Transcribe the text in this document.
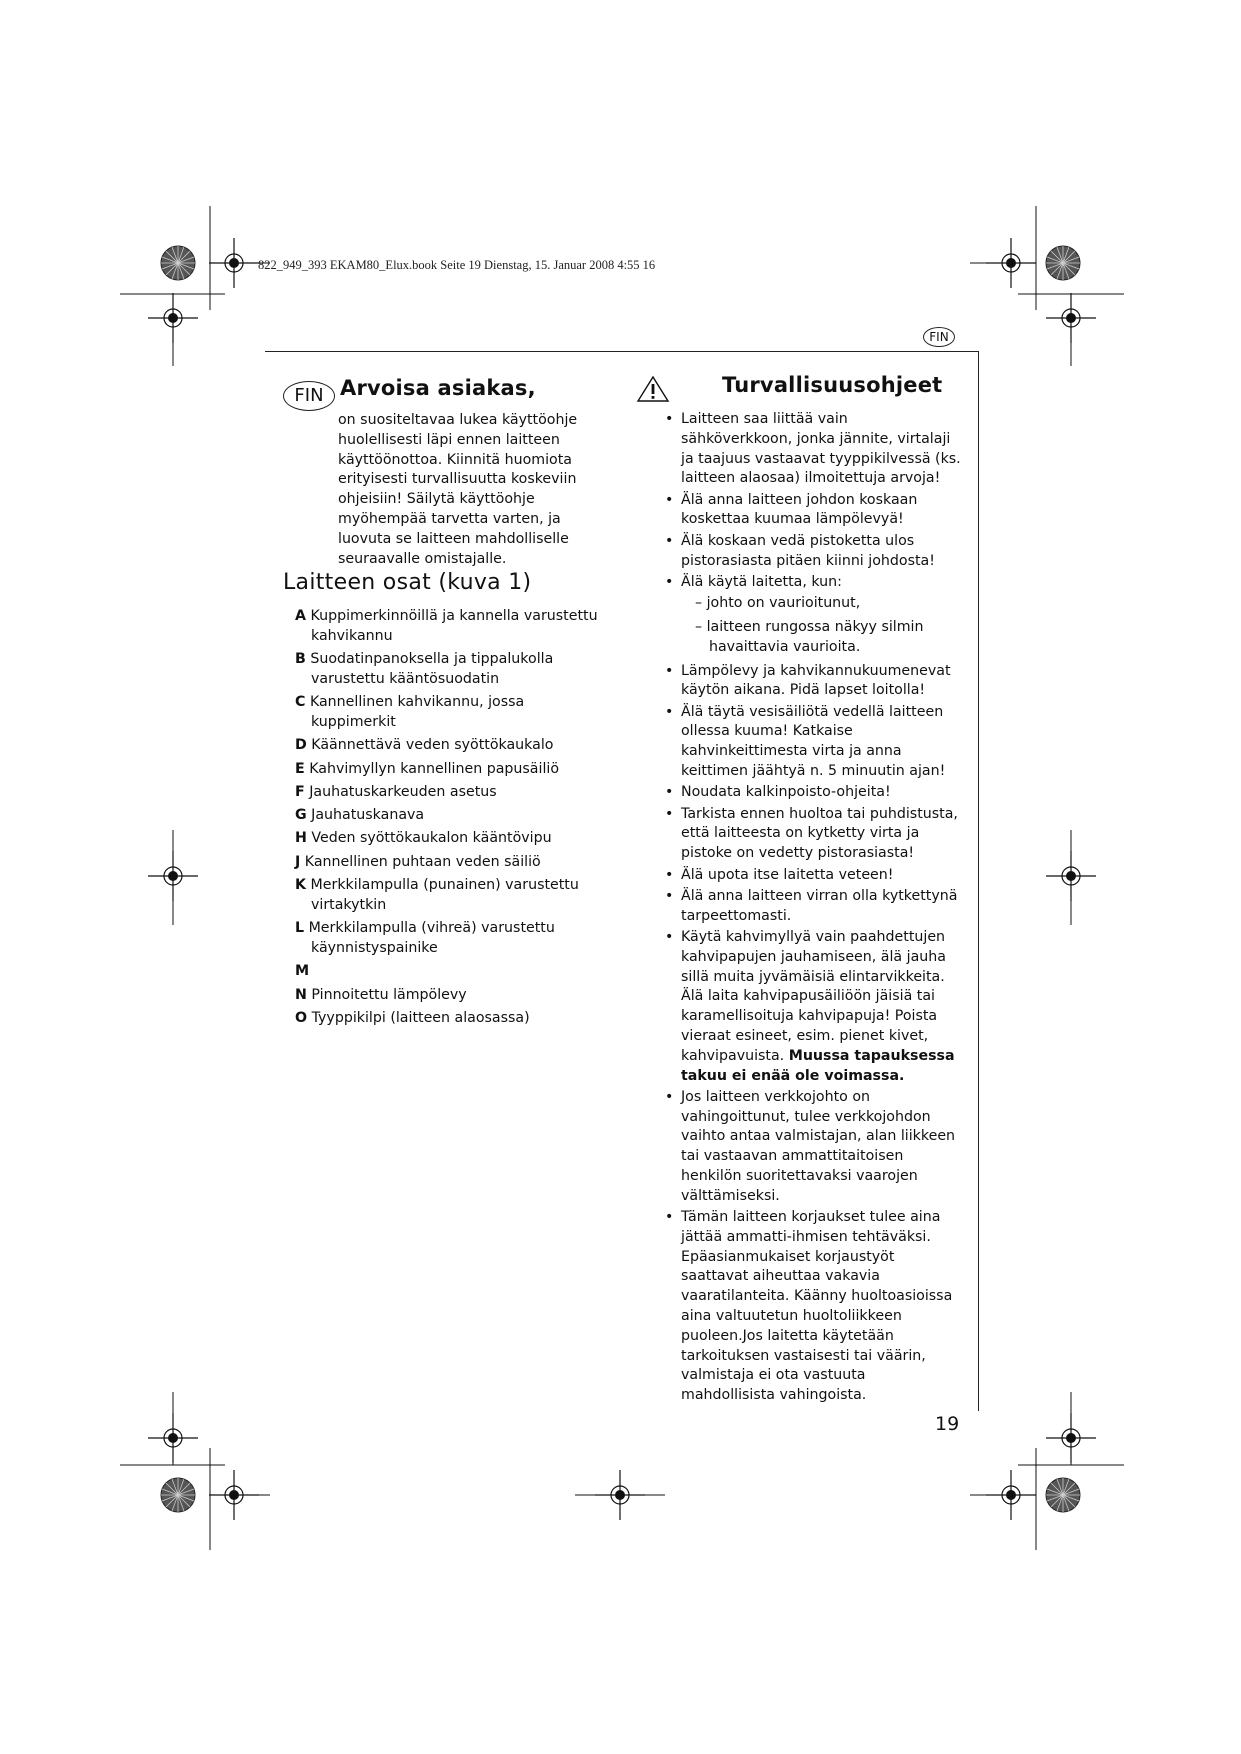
822_949_393 EKAM80_Elux.book Seite 19 Dienstag, 15. Januar 2008 4:55 16
FIN
FIN Arvoisa asiakas,
on suositeltavaa lukea käyttöohje huolellisesti läpi ennen laitteen käyttöönottoa. Kiinnitä huomiota erityisesti turvallisuutta koskeviin ohjeisiin! Säilytä käyttöohje myöhempää tarvetta varten, ja luovuta se laitteen mahdolliselle seuraavalle omistajalle.
Laitteen osat (kuva 1)
A Kuppimerkinnöillä ja kannella varustettu kahvikannu
B Suodatinpanoksella ja tippalukolla varustettu kääntösuodatin
C Kannellinen kahvikannu, jossa kuppimerkit
D Käännettävä veden syöttökaukalo
E Kahvimyllyn kannellinen papusäiliö
F Jauhatuskarkeuden asetus
G Jauhatuskanava
H Veden syöttökaukalon kääntövipu
J Kannellinen puhtaan veden säiliö
K Merkkilampulla (punainen) varustettu virtakytkin
L Merkkilampulla (vihreä) varustettu käynnistyspainike
M
N Pinnoitettu lämpölevy
O Tyyppikilpi (laitteen alaosassa)
Turvallisuusohjeet
• Laitteen saa liittää vain sähköverkkoon, jonka jännite, virtalaji ja taajuus vastaavat tyyppikilvessä (ks. laitteen alaosaa) ilmoitettuja arvoja!
• Älä anna laitteen johdon koskaan koskettaa kuumaa lämpölevyä!
• Älä koskaan vedä pistoketta ulos pistorasiasta pitäen kiinni johdosta!
• Älä käytä laitetta, kun:
– johto on vaurioitunut,
– laitteen rungossa näkyy silmin havaittavia vaurioita.
• Lämpölevy ja kahvikannukuumenevat käytön aikana. Pidä lapset loitolla!
• Älä täytä vesisäiliötä vedellä laitteen ollessa kuuma! Katkaise kahvinkeittimesta virta ja anna keittimen jäähtyä n. 5 minuutin ajan!
• Noudata kalkinpoisto-ohjeita!
• Tarkista ennen huoltoa tai puhdistusta, että laitteesta on kytketty virta ja pistoke on vedetty pistorasiasta!
• Älä upota itse laitetta veteen!
• Älä anna laitteen virran olla kytkettynä tarpeettomasti.
• Käytä kahvimyllyä vain paahdettujen kahvipapujen jauhamiseen, älä jauha sillä muita jyvämäisiä elintarvikkeita. Älä laita kahvipapusäiliöön jäisiä tai karamellisoituja kahvipapuja! Poista vieraat esineet, esim. pienet kivet, kahvipavuista. Muussa tapauksessa takuu ei enää ole voimassa.
• Jos laitteen verkkojohto on vahingoittunut, tulee verkkojohdon vaihto antaa valmistajan, alan liikkeen tai vastaavan ammattitaitoisen henkilön suoritettavaksi vaarojen välttämiseksi.
• Tämän laitteen korjaukset tulee aina jättää ammatti-ihmisen tehtäväksi. Epäasianmukaiset korjaustyöt saattavat aiheuttaa vakavia vaaratilanteita. Käänny huoltoasioissa aina valtuutetun huoltoliikkeen puoleen.Jos laitetta käytetään tarkoituksen vastaisesti tai väärin, valmistaja ei ota vastuuta mahdollisista vahingoista.
19
